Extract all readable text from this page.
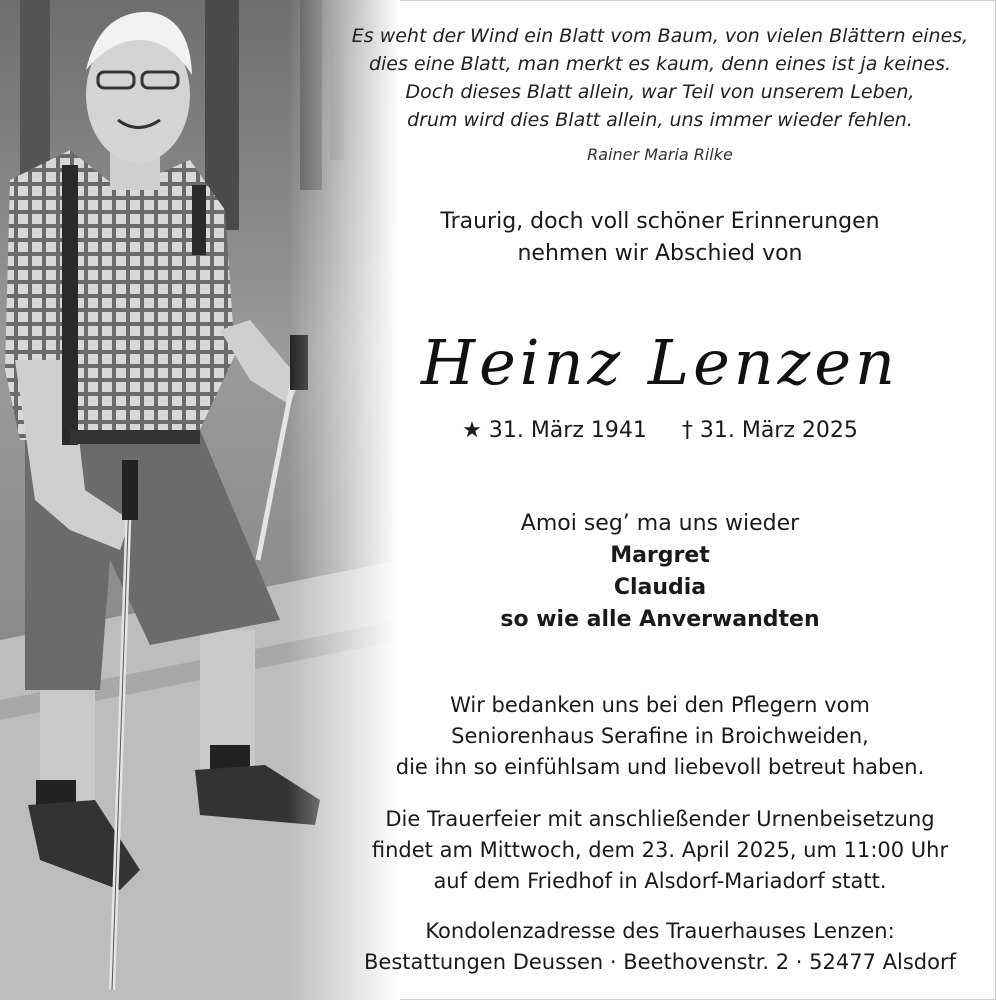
Es weht der Wind ein Blatt vom Baum, von vielen Blättern eines,
dies eine Blatt, man merkt es kaum, denn eines ist ja keines.
Doch dieses Blatt allein, war Teil von unserem Leben,
drum wird dies Blatt allein, uns immer wieder fehlen.
Rainer Maria Rilke
Traurig, doch voll schöner Erinnerungen
nehmen wir Abschied von
Heinz Lenzen
★ 31. März 1941 † 31. März 2025
Amoi seg’ ma uns wieder
Margret
Claudia
so wie alle Anverwandten
Wir bedanken uns bei den Pflegern vom
Seniorenhaus Serafine in Broichweiden,
die ihn so einfühlsam und liebevoll betreut haben.
Die Trauerfeier mit anschließender Urnenbeisetzung
findet am Mittwoch, dem 23. April 2025, um 11:00 Uhr
auf dem Friedhof in Alsdorf-Mariadorf statt.
Kondolenzadresse des Trauerhauses Lenzen:
Bestattungen Deussen · Beethovenstr. 2 · 52477 Alsdorf
